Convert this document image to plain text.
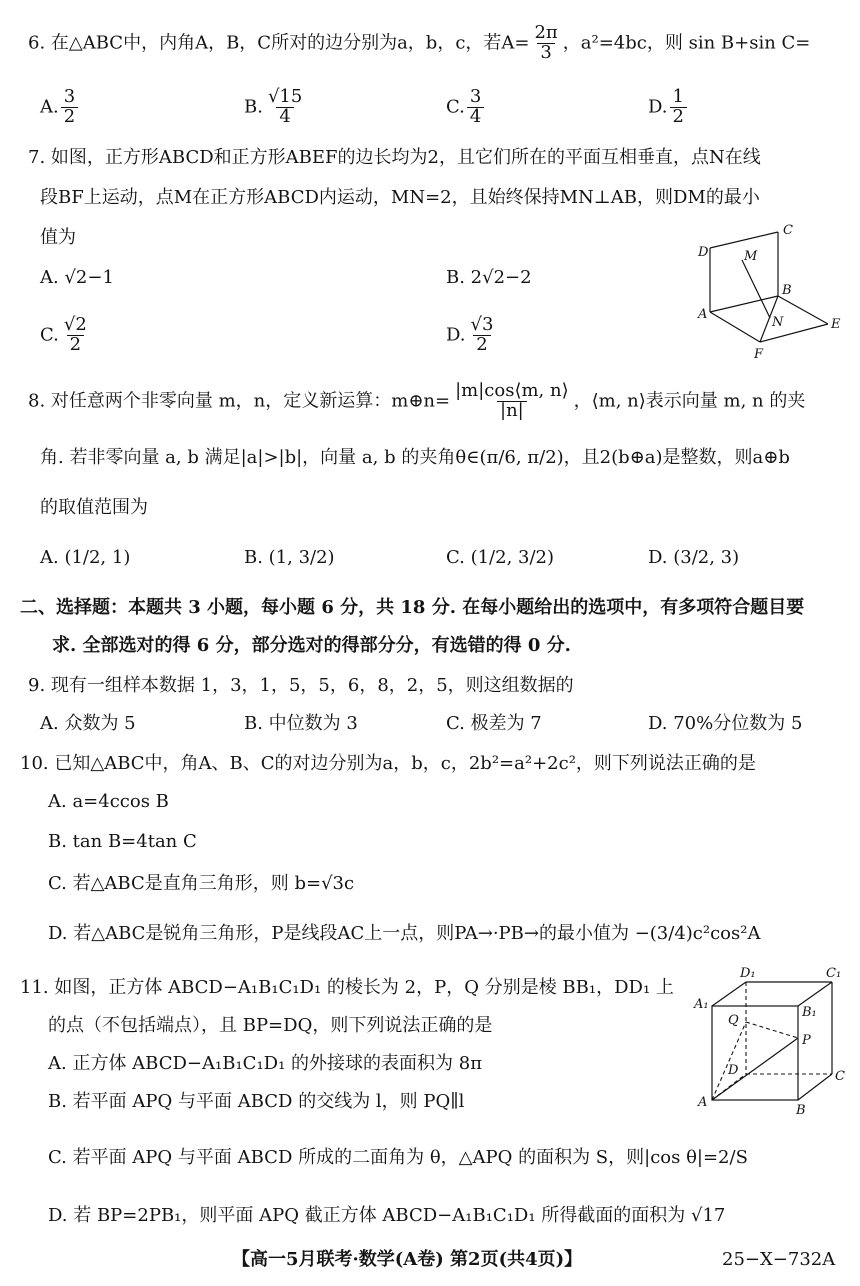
6. 在△ABC中，内角A，B，C所对的边分别为a，b，c，若$A= \frac{2\pi}{3}$ ，a²=4bc，则 sin B+sin C=
A. $\frac{3}{2}$	B. $\frac{√15}{4}$	C. $\frac{3}{4}$	D. $\frac{1}{2}$
7. 如图，正方形ABCD和正方形ABEF的边长均为2，且它们所在的平面互相垂直，点N在线
段BF上运动，点M在正方形ABCD内运动，MN=2，且始终保持MN⊥AB，则DM的最小
值为
A. √2−1	B. 2√2−2
C. $\frac{√2}{2}$	D. $\frac{√3}{2}$
D
C
M
B
A
N	E
F
8. 对任意两个非零向量 m，n，定义新运算：m⊕n= $\frac{|m|\cos⟨m, n⟩}{|n|}$ ，⟨m, n⟩表示向量 m, n 的夹
角. 若非零向量 a, b 满足|a|>|b|，向量 a, b 的夹角θ∈(π/6, π/2)，且2(b⊕a)是整数，则a⊕b
的取值范围为
A. (1/2, 1)	B. (1, 3/2)	C. (1/2, 3/2)	D. (3/2, 3)
二、选择题：本题共 3 小题，每小题 6 分，共 18 分. 在每小题给出的选项中，有多项符合题目要
求. 全部选对的得 6 分，部分选对的得部分分，有选错的得 0 分.
9. 现有一组样本数据 1，3，1，5，5，6，8，2，5，则这组数据的
A. 众数为 5	B. 中位数为 3	C. 极差为 7	D. 70%分位数为 5
10. 已知△ABC中，角A、B、C的对边分别为a，b，c，2b²=a²+2c²，则下列说法正确的是
A. a=4ccos B
B. tan B=4tan C
C. 若△ABC是直角三角形，则 b=√3c
D. 若△ABC是锐角三角形，P是线段AC上一点，则PA→·PB→的最小值为 −(3/4)c²cos²A
11. 如图，正方体 ABCD−A₁B₁C₁D₁ 的棱长为 2，P，Q 分别是棱 BB₁，DD₁ 上
的点（不包括端点），且 BP=DQ，则下列说法正确的是
A. 正方体 ABCD−A₁B₁C₁D₁ 的外接球的表面积为 8π
B. 若平面 APQ 与平面 ABCD 的交线为 l，则 PQ∥l
C. 若平面 APQ 与平面 ABCD 所成的二面角为 θ，△APQ 的面积为 S，则|cos θ|=2/S
D. 若 BP=2PB₁，则平面 APQ 截正方体 ABCD−A₁B₁C₁D₁ 所得截面的面积为 √17
D₁	C₁
A₁
B₁
Q
P
D	C
A
B
【高一5月联考·数学(A卷) 第2页(共4页)】	25−X−732A
